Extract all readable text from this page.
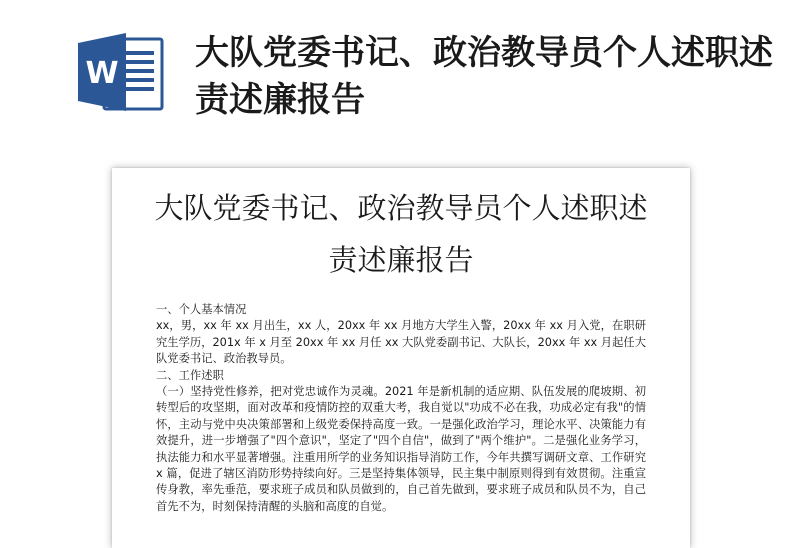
W
大队党委书记、政治教导员个人述职述责述廉报告
大队党委书记、政治教导员个人述职述责述廉报告

一、个人基本情况

xx，男，xx 年 xx 月出生，xx 人，20xx 年 xx 月地方大学生入警，20xx 年 xx 月入党，在职研究生学历，201x 年 x 月至 20xx 年 xx 月任 xx 大队党委副书记、大队长，20xx 年 xx 月起任大队党委书记、政治教导员。

二、工作述职

（一）坚持党性修养，把对党忠诚作为灵魂。2021 年是新机制的适应期、队伍发展的爬坡期、初转型后的攻坚期，面对改革和疫情防控的双重大考，我自觉以"功成不必在我，功成必定有我"的情怀，主动与党中央决策部署和上级党委保持高度一致。一是强化政治学习，理论水平、决策能力有效提升，进一步增强了"四个意识"，坚定了"四个自信"，做到了"两个维护"。二是强化业务学习，执法能力和水平显著增强。注重用所学的业务知识指导消防工作，今年共撰写调研文章、工作研究 x 篇，促进了辖区消防形势持续向好。三是坚持集体领导，民主集中制原则得到有效贯彻。注重宣传身教，率先垂范，要求班子成员和队员做到的，自己首先做到，要求班子成员和队员不为，自己首先不为，时刻保持清醒的头脑和高度的自觉。
